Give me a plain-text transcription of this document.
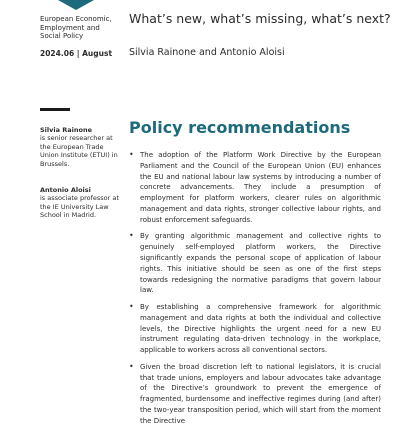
European Economic, Employment and Social Policy
2024.06 | August
What’s new, what’s missing, what’s next?
Silvia Rainone and Antonio Aloisi
Silvia Rainone
is senior researcher at the European Trade Union Institute (ETUI) in Brussels.
Antonio Aloisi
is associate professor at the IE University Law School in Madrid.
Policy recommendations
• The adoption of the Platform Work Directive by the European Parliament and the Council of the European Union (EU) enhances the EU and national labour law systems by introducing a number of concrete advancements. They include a presumption of employment for platform workers, clearer rules on algorithmic management and data rights, stronger collective labour rights, and robust enforcement safeguards.
• By granting algorithmic management and collective rights to genuinely self-employed platform workers, the Directive significantly expands the personal scope of application of labour rights. This initiative should be seen as one of the first steps towards redesigning the normative paradigms that govern labour law.
• By establishing a comprehensive framework for algorithmic management and data rights at both the individual and collective levels, the Directive highlights the urgent need for a new EU instrument regulating data-driven technology in the workplace, applicable to workers across all conventional sectors.
• Given the broad discretion left to national legislators, it is crucial that trade unions, employers and labour advocates take advantage of the Directive’s groundwork to prevent the emergence of fragmented, burdensome and ineffective regimes during (and after) the two-year transposition period, which will start from the moment the Directive
